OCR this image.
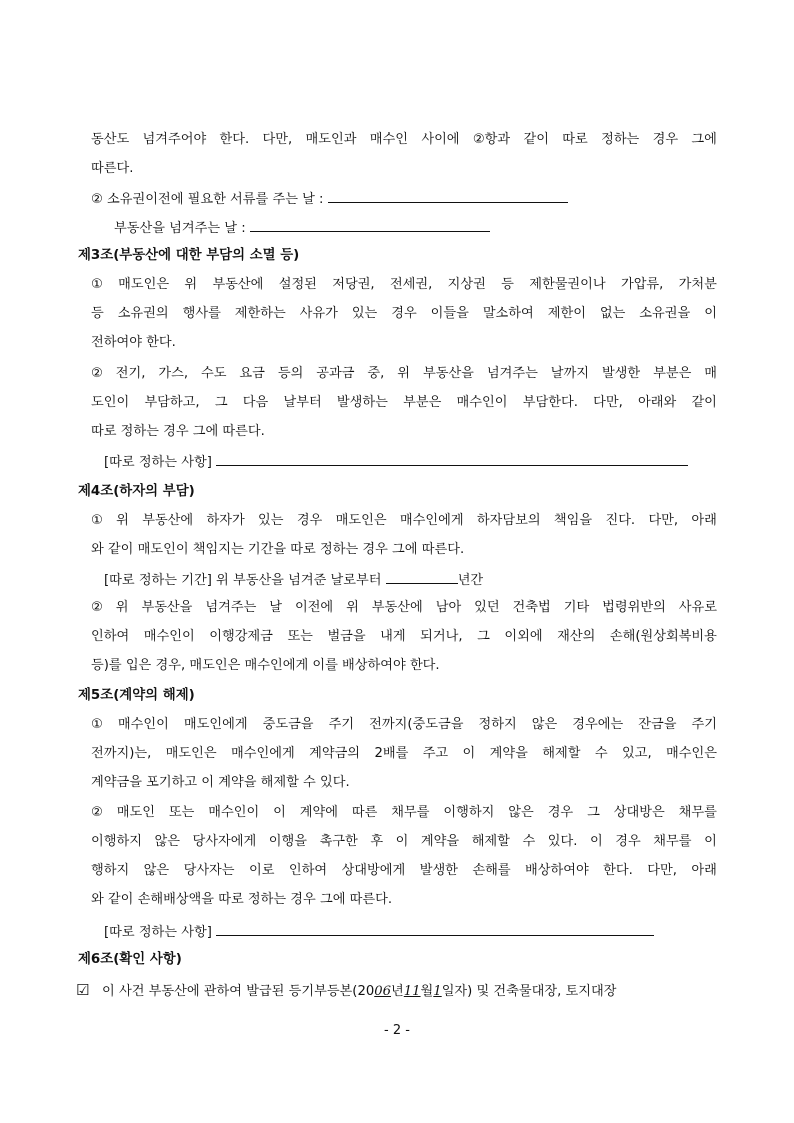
동산도 넘겨주어야 한다. 다만, 매도인과 매수인 사이에 ②항과 같이 따로 정하는 경우 그에
따른다.
② 소유권이전에 필요한 서류를 주는 날 :
부동산을 넘겨주는 날 :
제3조(부동산에 대한 부담의 소멸 등)
① 매도인은 위 부동산에 설정된 저당권, 전세권, 지상권 등 제한물권이나 가압류, 가처분
등 소유권의 행사를 제한하는 사유가 있는 경우 이들을 말소하여 제한이 없는 소유권을 이
전하여야 한다.
② 전기, 가스, 수도 요금 등의 공과금 중, 위 부동산을 넘겨주는 날까지 발생한 부분은 매
도인이 부담하고, 그 다음 날부터 발생하는 부분은 매수인이 부담한다. 다만, 아래와 같이
따로 정하는 경우 그에 따른다.
[따로 정하는 사항]
제4조(하자의 부담)
① 위 부동산에 하자가 있는 경우 매도인은 매수인에게 하자담보의 책임을 진다. 다만, 아래
와 같이 매도인이 책임지는 기간을 따로 정하는 경우 그에 따른다.
[따로 정하는 기간] 위 부동산을 넘겨준 날로부터	년간
② 위 부동산을 넘겨주는 날 이전에 위 부동산에 남아 있던 건축법 기타 법령위반의 사유로
인하여 매수인이 이행강제금 또는 벌금을 내게 되거나, 그 이외에 재산의 손해(원상회복비용
등)를 입은 경우, 매도인은 매수인에게 이를 배상하여야 한다.
제5조(계약의 해제)
① 매수인이 매도인에게 중도금을 주기 전까지(중도금을 정하지 않은 경우에는 잔금을 주기
전까지)는, 매도인은 매수인에게 계약금의 2배를 주고 이 계약을 해제할 수 있고, 매수인은
계약금을 포기하고 이 계약을 해제할 수 있다.
② 매도인 또는 매수인이 이 계약에 따른 채무를 이행하지 않은 경우 그 상대방은 채무를
이행하지 않은 당사자에게 이행을 촉구한 후 이 계약을 해제할 수 있다. 이 경우 채무를 이
행하지 않은 당사자는 이로 인하여 상대방에게 발생한 손해를 배상하여야 한다. 다만, 아래
와 같이 손해배상액을 따로 정하는 경우 그에 따른다.
[따로 정하는 사항]
제6조(확인 사항)
☑ 이 사건 부동산에 관하여 발급된 등기부등본(2006년11월1일자) 및 건축물대장, 토지대장
- 2 -
